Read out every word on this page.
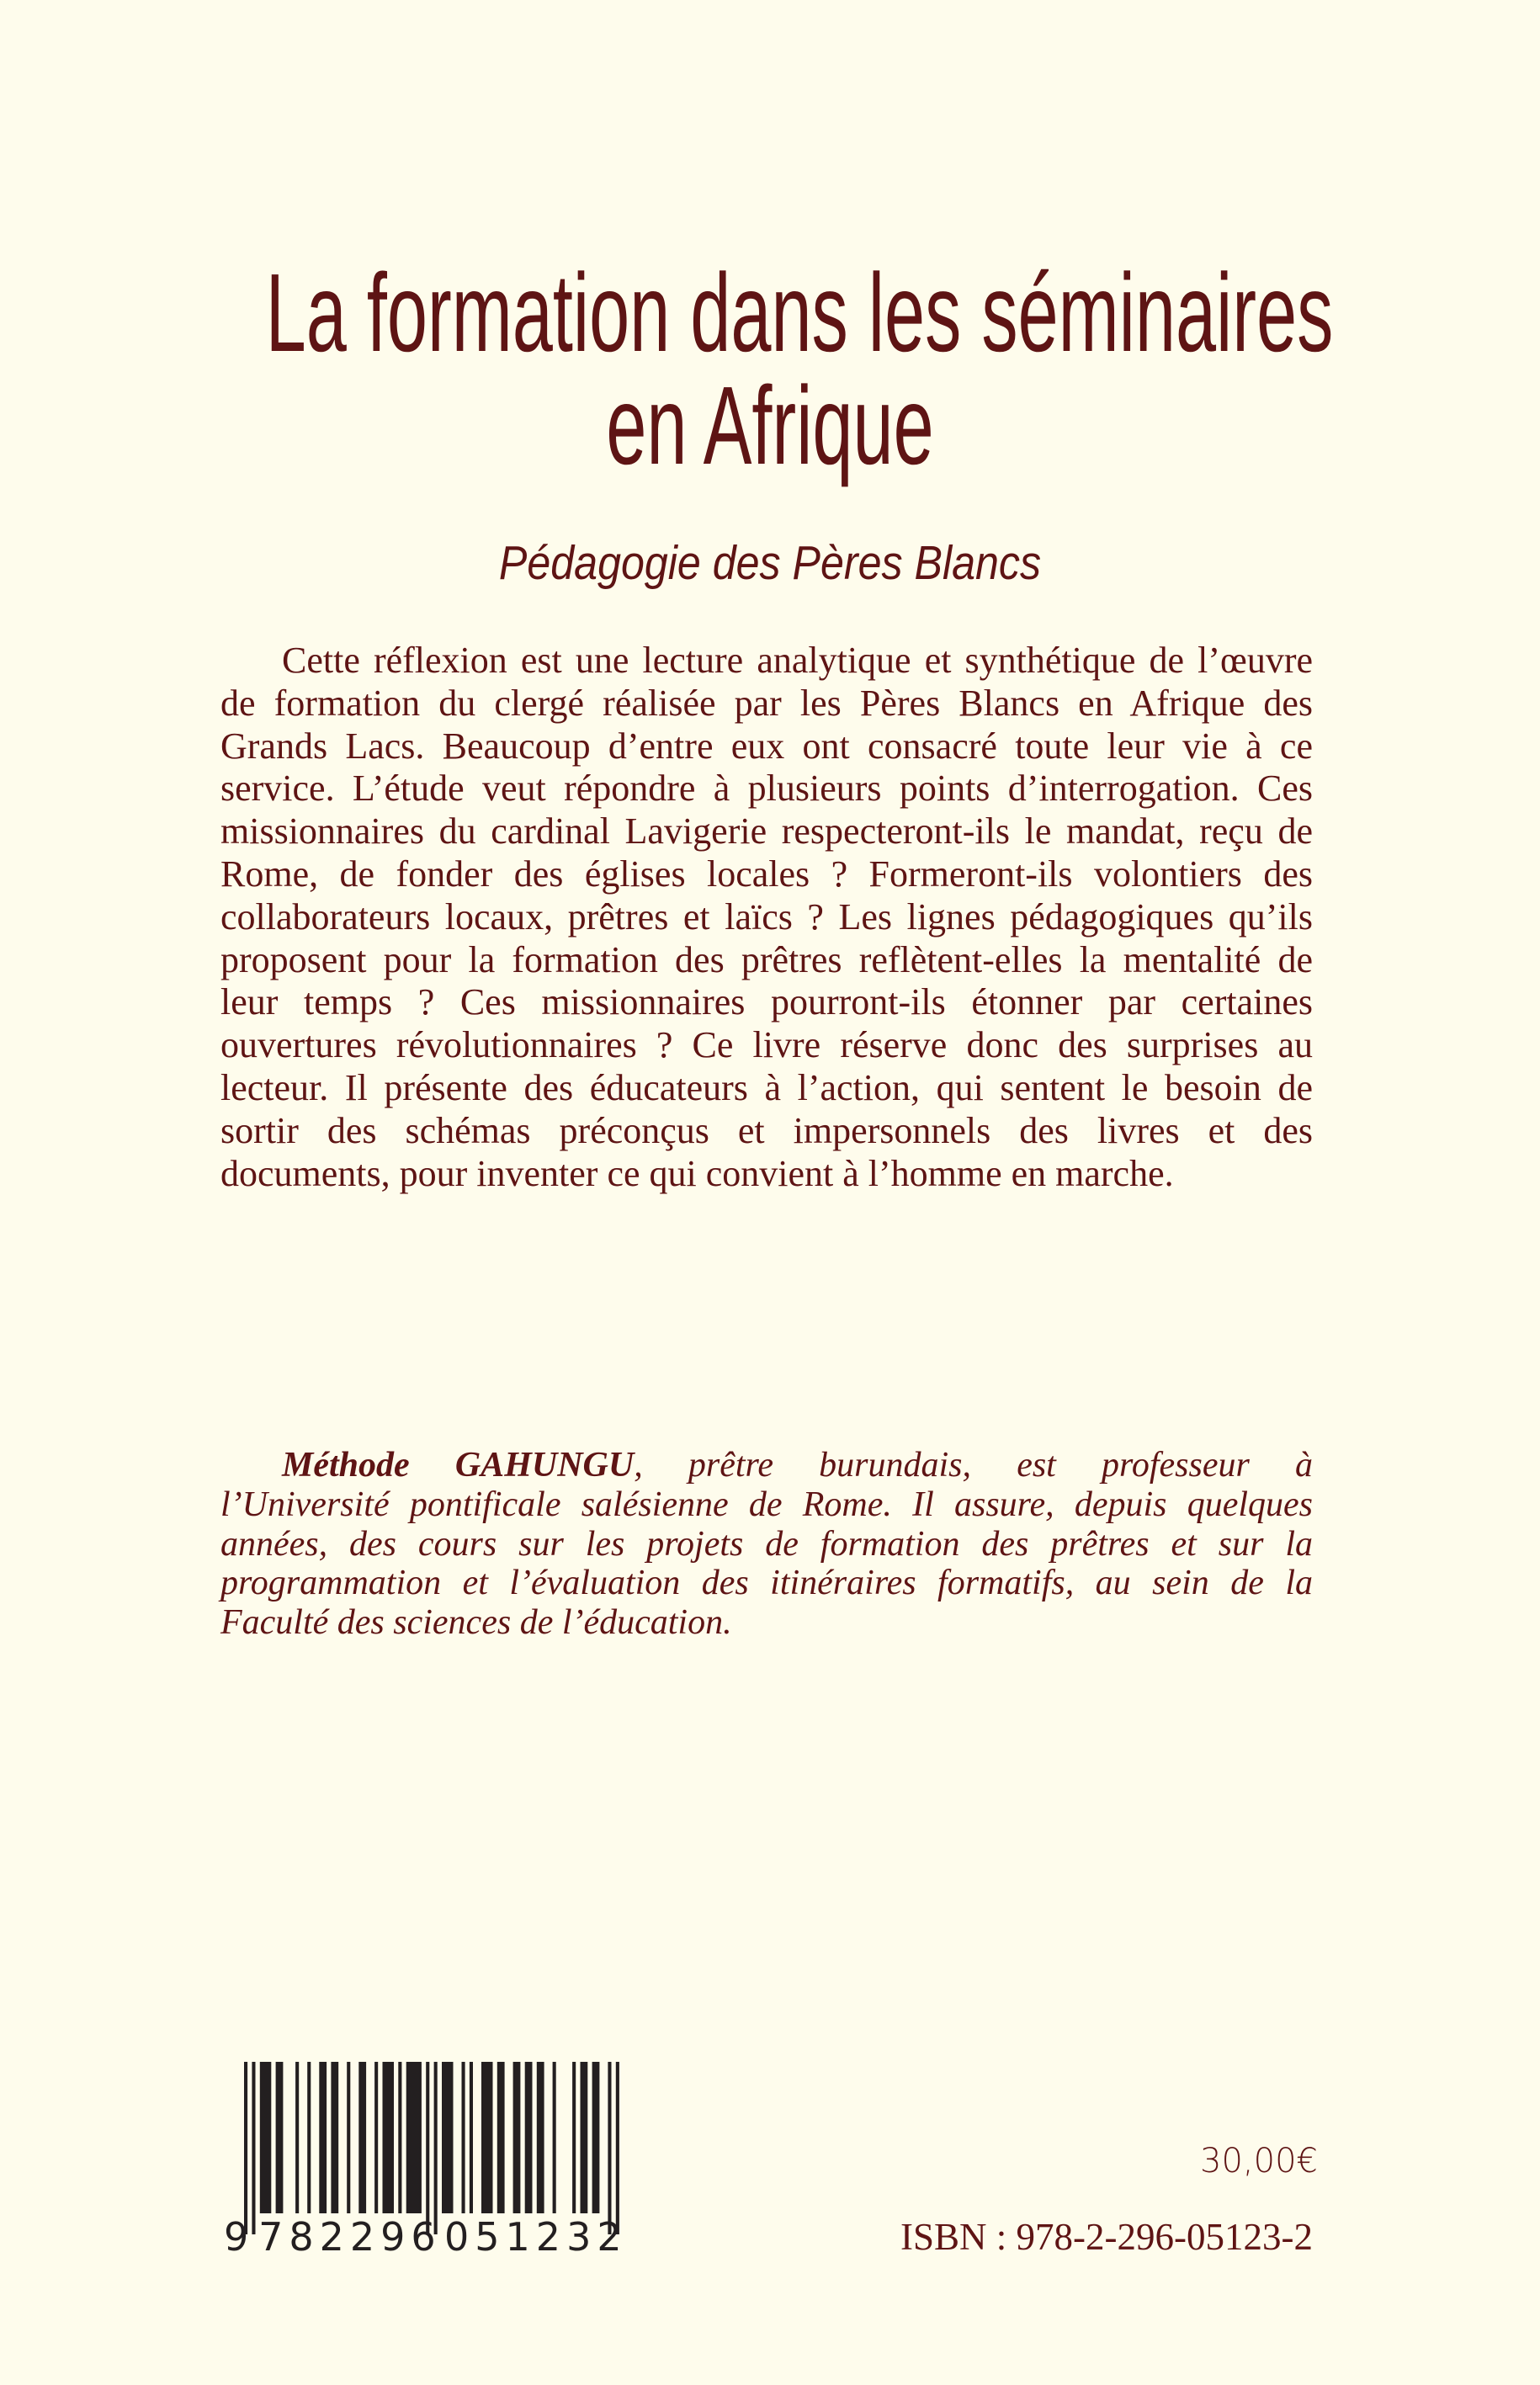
La formation dans les séminaires
en Afrique
Pédagogie des Pères Blancs
Cette réflexion est une lecture analytique et synthétique de l’œuvre
de formation du clergé réalisée par les Pères Blancs en Afrique des
Grands Lacs. Beaucoup d’entre eux ont consacré toute leur vie à ce
service. L’étude veut répondre à plusieurs points d’interrogation. Ces
missionnaires du cardinal Lavigerie respecteront-ils le mandat, reçu de
Rome, de fonder des églises locales ? Formeront-ils volontiers des
collaborateurs locaux, prêtres et laïcs ? Les lignes pédagogiques qu’ils
proposent pour la formation des prêtres reflètent-elles la mentalité de
leur temps ? Ces missionnaires pourront-ils étonner par certaines
ouvertures révolutionnaires ? Ce livre réserve donc des surprises au
lecteur. Il présente des éducateurs à l’action, qui sentent le besoin de
sortir des schémas préconçus et impersonnels des livres et des
documents, pour inventer ce qui convient à l’homme en marche.
Méthode GAHUNGU, prêtre burundais, est professeur à
l’Université pontificale salésienne de Rome. Il assure, depuis quelques
années, des cours sur les projets de formation des prêtres et sur la
programmation et l’évaluation des itinéraires formatifs, au sein de la
Faculté des sciences de l’éducation.
9 782296 051232
30,00€
ISBN : 978-2-296-05123-2
